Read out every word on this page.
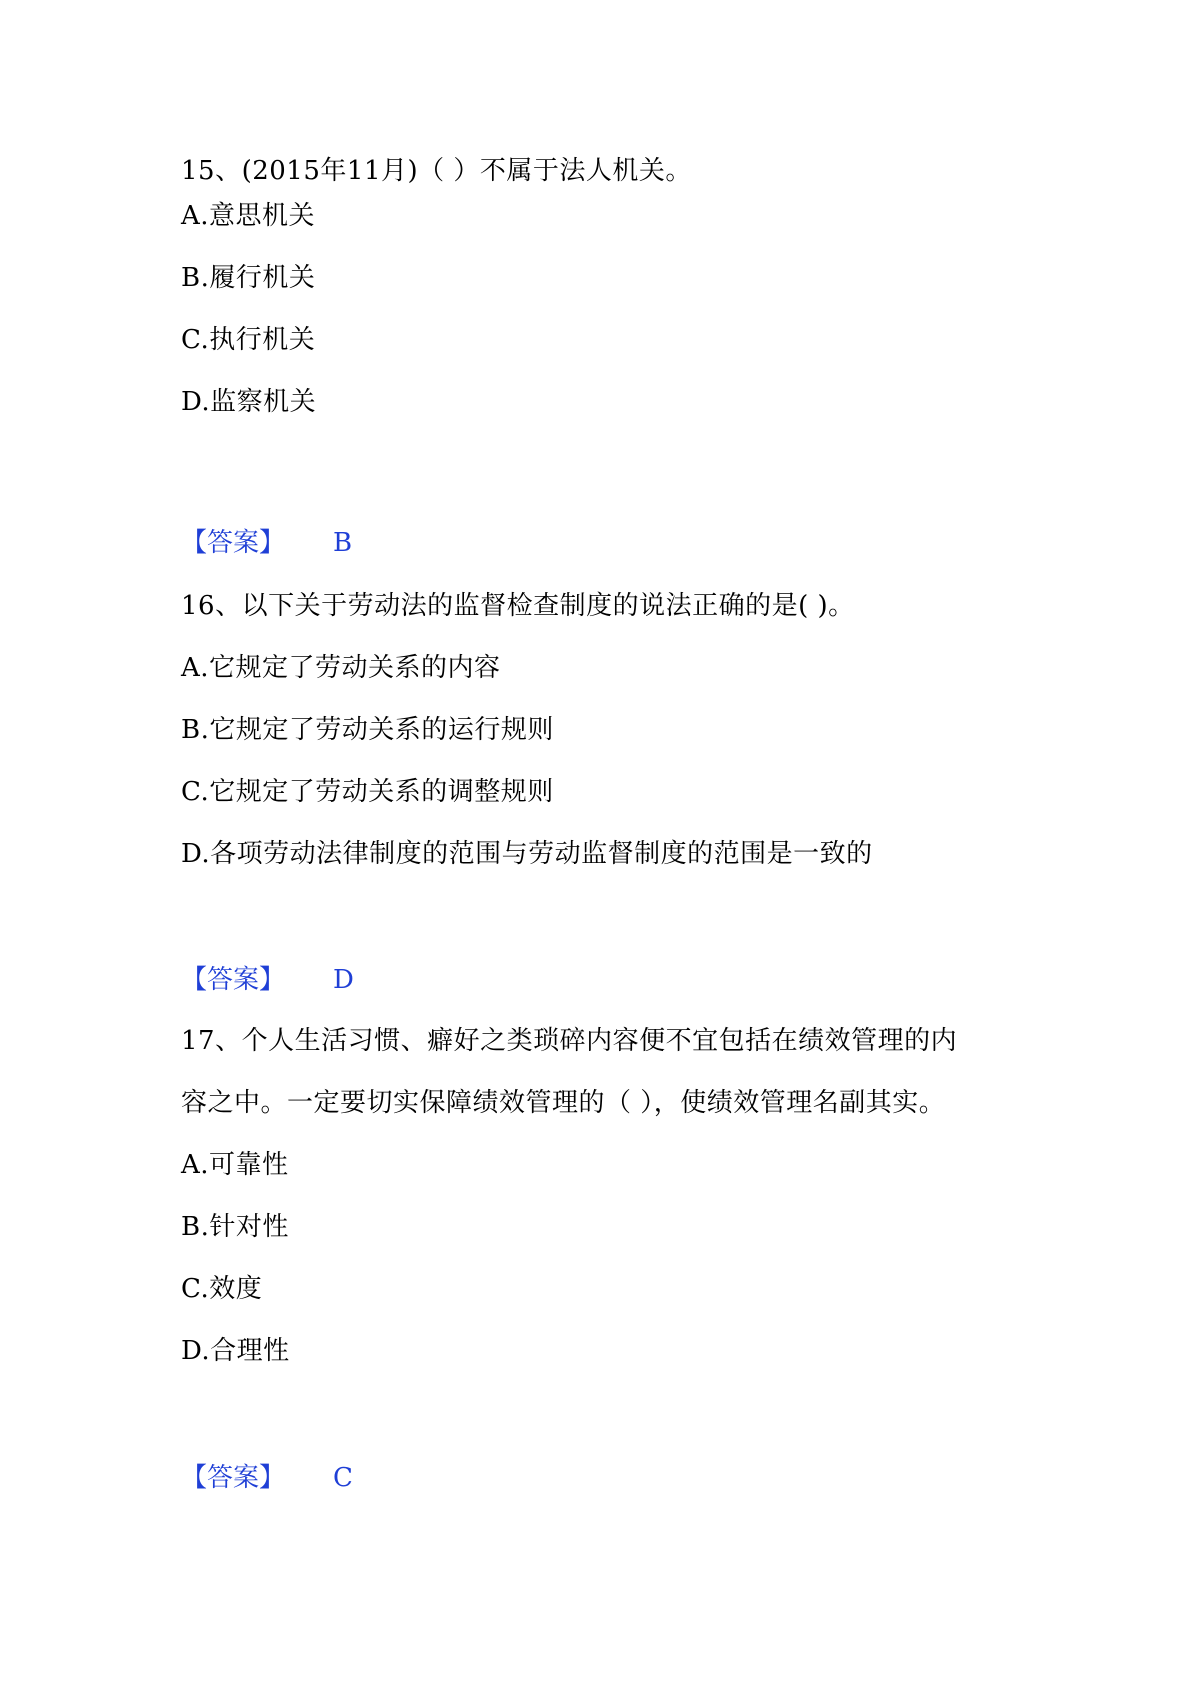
15、(2015年11月)（ ）不属于法人机关。
A.意思机关
B.履行机关
C.执行机关
D.监察机关
【答案】 B
16、以下关于劳动法的监督检查制度的说法正确的是( )。
A.它规定了劳动关系的内容
B.它规定了劳动关系的运行规则
C.它规定了劳动关系的调整规则
D.各项劳动法律制度的范围与劳动监督制度的范围是一致的
【答案】 D
17、个人生活习惯、癖好之类琐碎内容便不宜包括在绩效管理的内
容之中。一定要切实保障绩效管理的（ ），使绩效管理名副其实。
A.可靠性
B.针对性
C.效度
D.合理性
【答案】 C
